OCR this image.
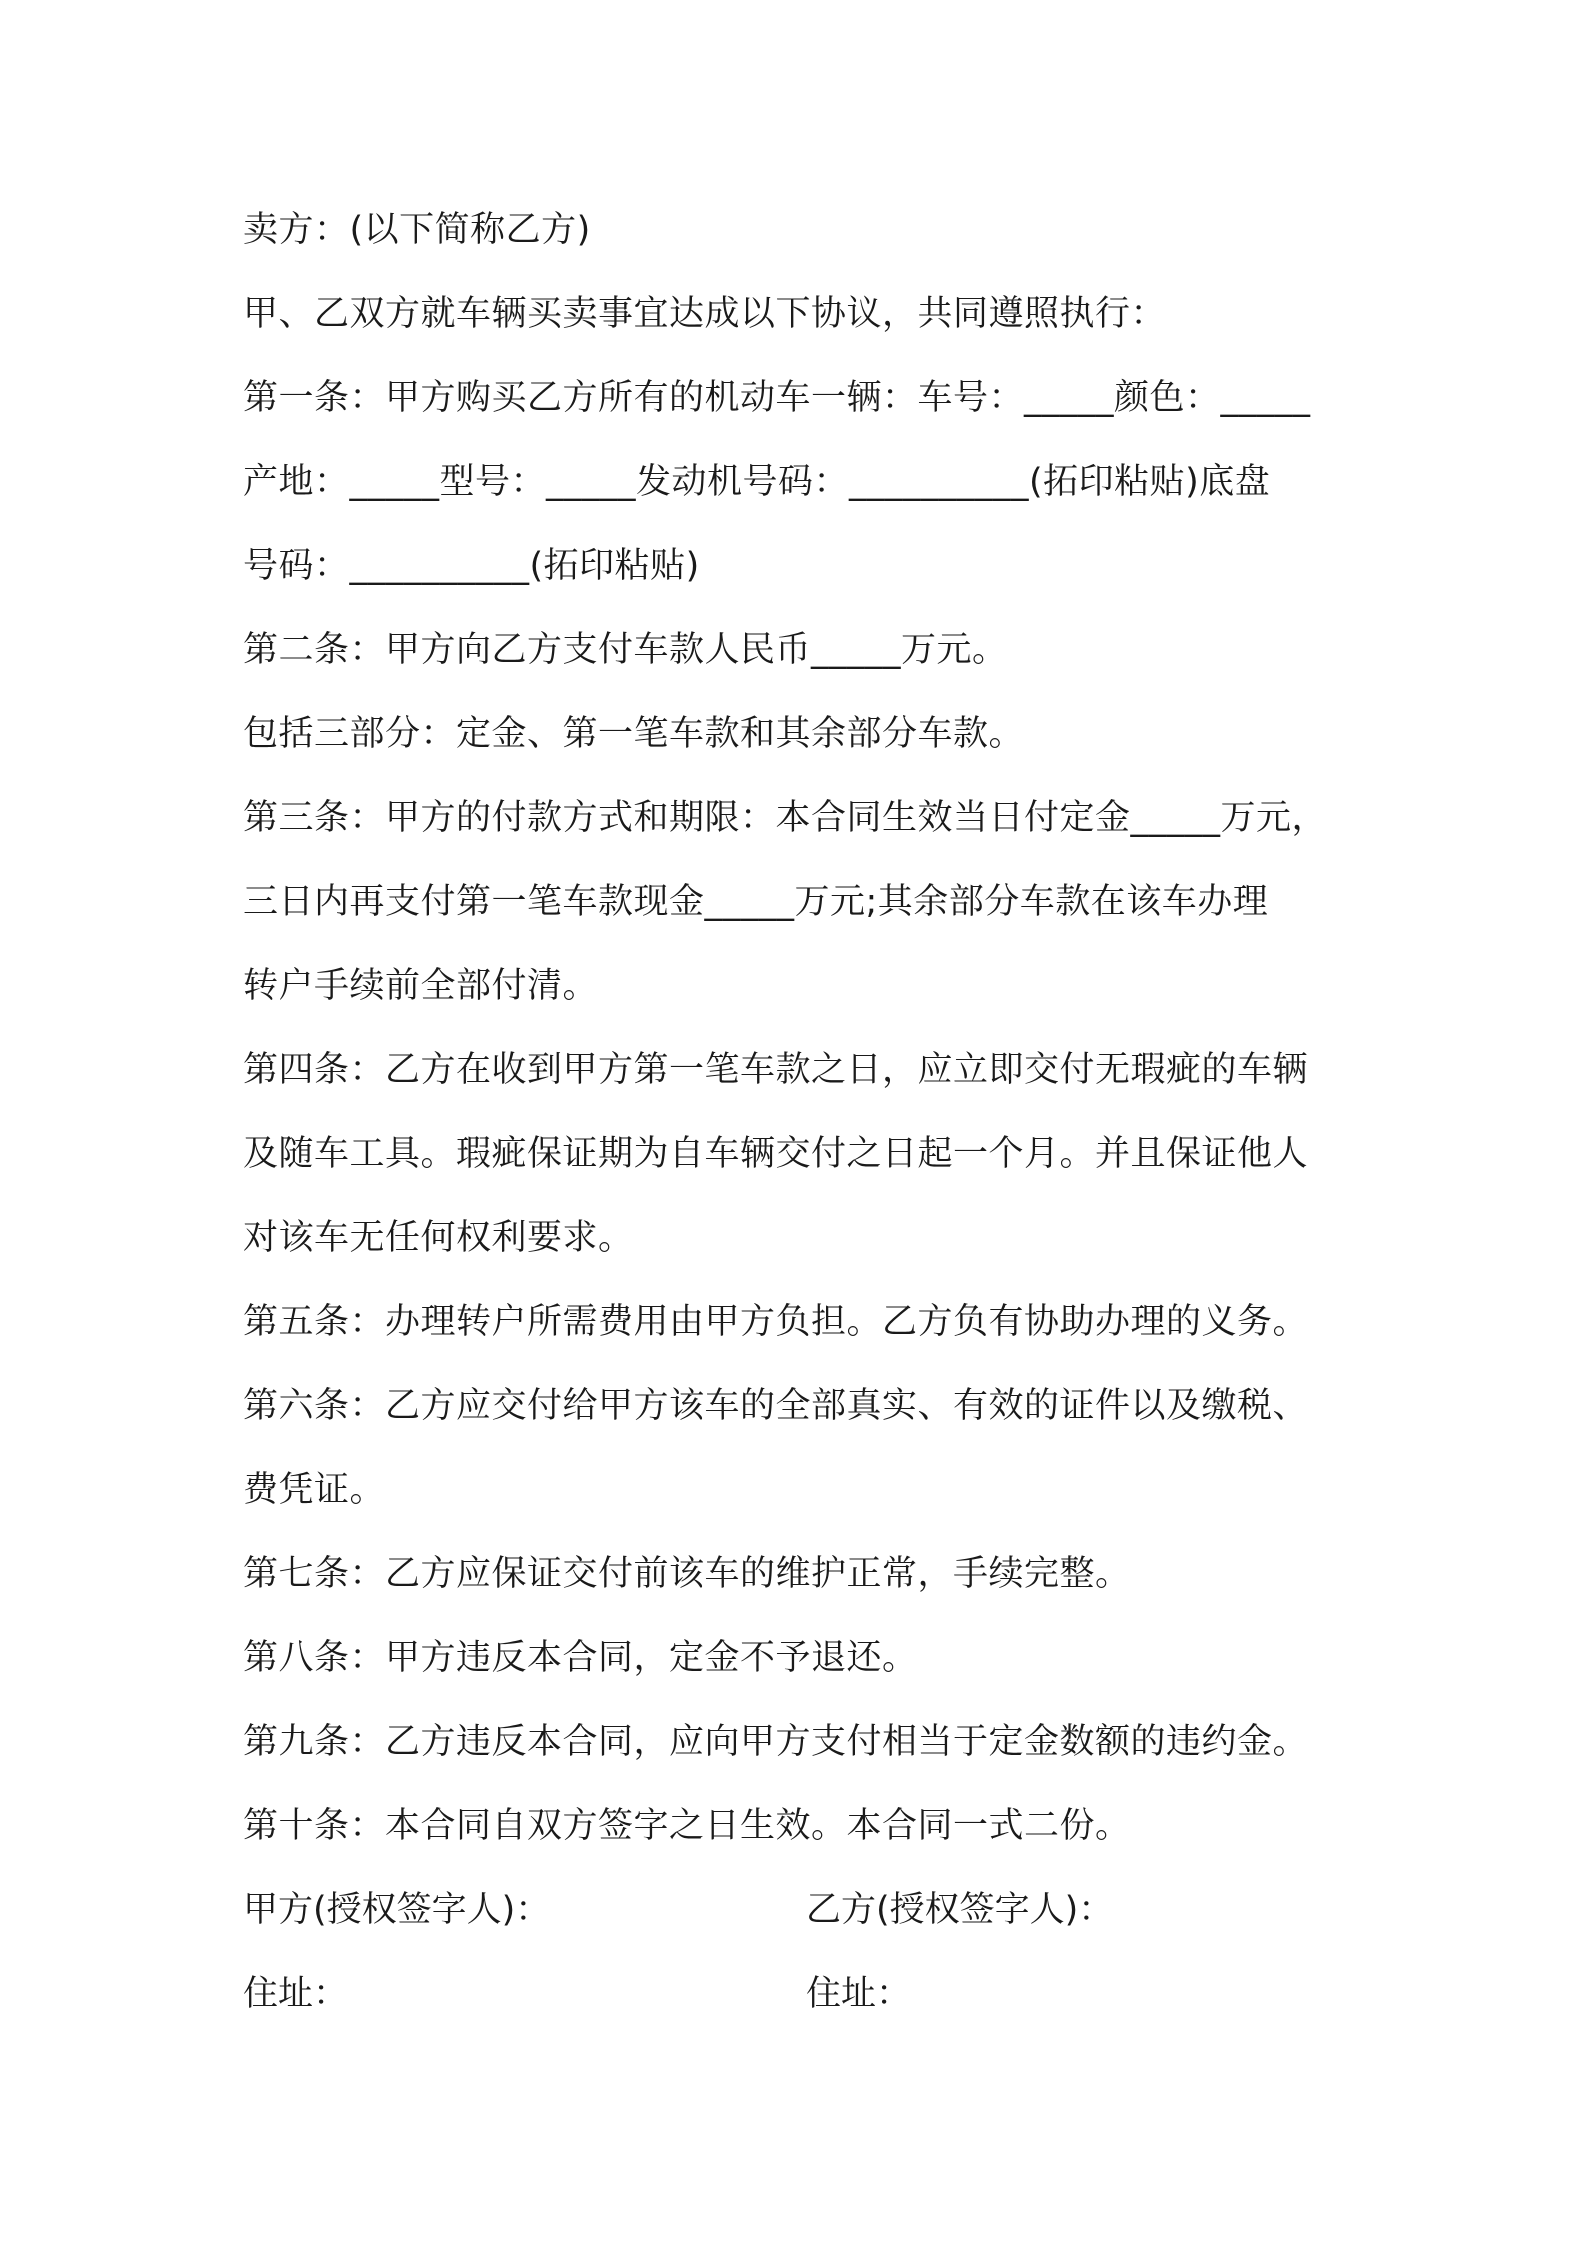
卖方：(以下简称乙方)
甲、乙双方就车辆买卖事宜达成以下协议，共同遵照执行：
第一条：甲方购买乙方所有的机动车一辆：车号：_____颜色：_____
产地：_____型号：_____发动机号码：__________(拓印粘贴)底盘
号码：__________(拓印粘贴)
第二条：甲方向乙方支付车款人民币_____万元。
包括三部分：定金、第一笔车款和其余部分车款。
第三条：甲方的付款方式和期限：本合同生效当日付定金_____万元，
三日内再支付第一笔车款现金_____万元;其余部分车款在该车办理
转户手续前全部付清。
第四条：乙方在收到甲方第一笔车款之日，应立即交付无瑕疵的车辆
及随车工具。瑕疵保证期为自车辆交付之日起一个月。并且保证他人
对该车无任何权利要求。
第五条：办理转户所需费用由甲方负担。乙方负有协助办理的义务。
第六条：乙方应交付给甲方该车的全部真实、有效的证件以及缴税、
费凭证。
第七条：乙方应保证交付前该车的维护正常，手续完整。
第八条：甲方违反本合同，定金不予退还。
第九条：乙方违反本合同，应向甲方支付相当于定金数额的违约金。
第十条：本合同自双方签字之日生效。本合同一式二份。
甲方(授权签字人)：	乙方(授权签字人)：
住址：	住址：
